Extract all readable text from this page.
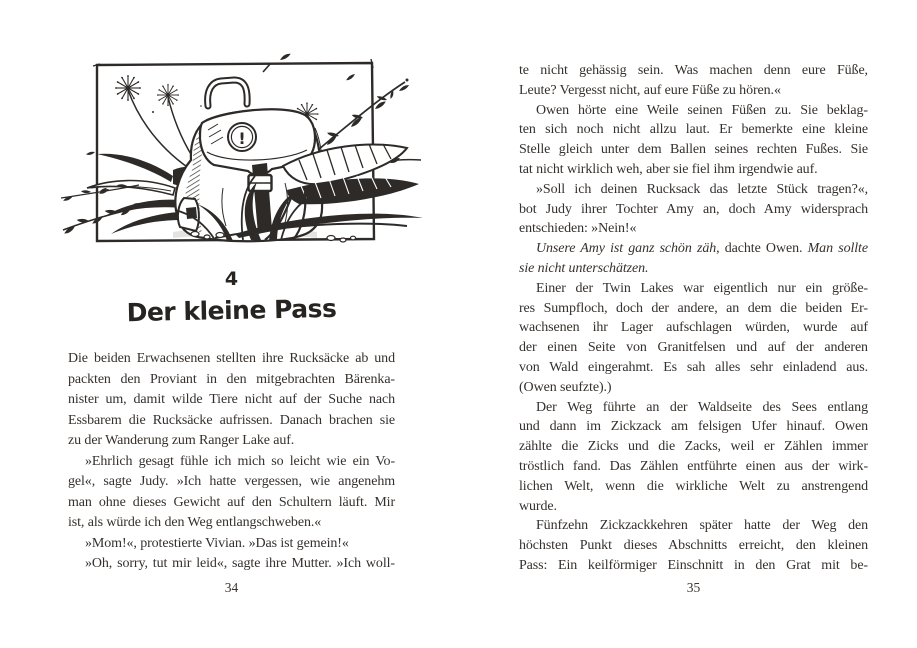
!
4
Der kleine Pass
Die beiden Erwachsenen stellten ihre Rucksäcke ab und
packten den Proviant in den mitgebrachten Bärenka-
nister um, damit wilde Tiere nicht auf der Suche nach
Essbarem die Rucksäcke aufrissen. Danach brachen sie
zu der Wanderung zum Ranger Lake auf.
»Ehrlich gesagt fühle ich mich so leicht wie ein Vo-
gel«, sagte Judy. »Ich hatte vergessen, wie angenehm
man ohne dieses Gewicht auf den Schultern läuft. Mir
ist, als würde ich den Weg entlangschweben.«
»Mom!«, protestierte Vivian. »Das ist gemein!«
»Oh, sorry, tut mir leid«, sagte ihre Mutter. »Ich woll-
34
te nicht gehässig sein. Was machen denn eure Füße,
Leute? Vergesst nicht, auf eure Füße zu hören.«
Owen hörte eine Weile seinen Füßen zu. Sie beklag-
ten sich noch nicht allzu laut. Er bemerkte eine kleine
Stelle gleich unter dem Ballen seines rechten Fußes. Sie
tat nicht wirklich weh, aber sie fiel ihm irgendwie auf.
»Soll ich deinen Rucksack das letzte Stück tragen?«,
bot Judy ihrer Tochter Amy an, doch Amy widersprach
entschieden: »Nein!«
Unsere Amy ist ganz schön zäh, dachte Owen. Man sollte
sie nicht unterschätzen.
Einer der Twin Lakes war eigentlich nur ein größe-
res Sumpfloch, doch der andere, an dem die beiden Er-
wachsenen ihr Lager aufschlagen würden, wurde auf
der einen Seite von Granitfelsen und auf der anderen
von Wald eingerahmt. Es sah alles sehr einladend aus.
(Owen seufzte).)
Der Weg führte an der Waldseite des Sees entlang
und dann im Zickzack am felsigen Ufer hinauf. Owen
zählte die Zicks und die Zacks, weil er Zählen immer
tröstlich fand. Das Zählen entführte einen aus der wirk-
lichen Welt, wenn die wirkliche Welt zu anstrengend
wurde.
Fünfzehn Zickzackkehren später hatte der Weg den
höchsten Punkt dieses Abschnitts erreicht, den kleinen
Pass: Ein keilförmiger Einschnitt in den Grat mit be-
35
